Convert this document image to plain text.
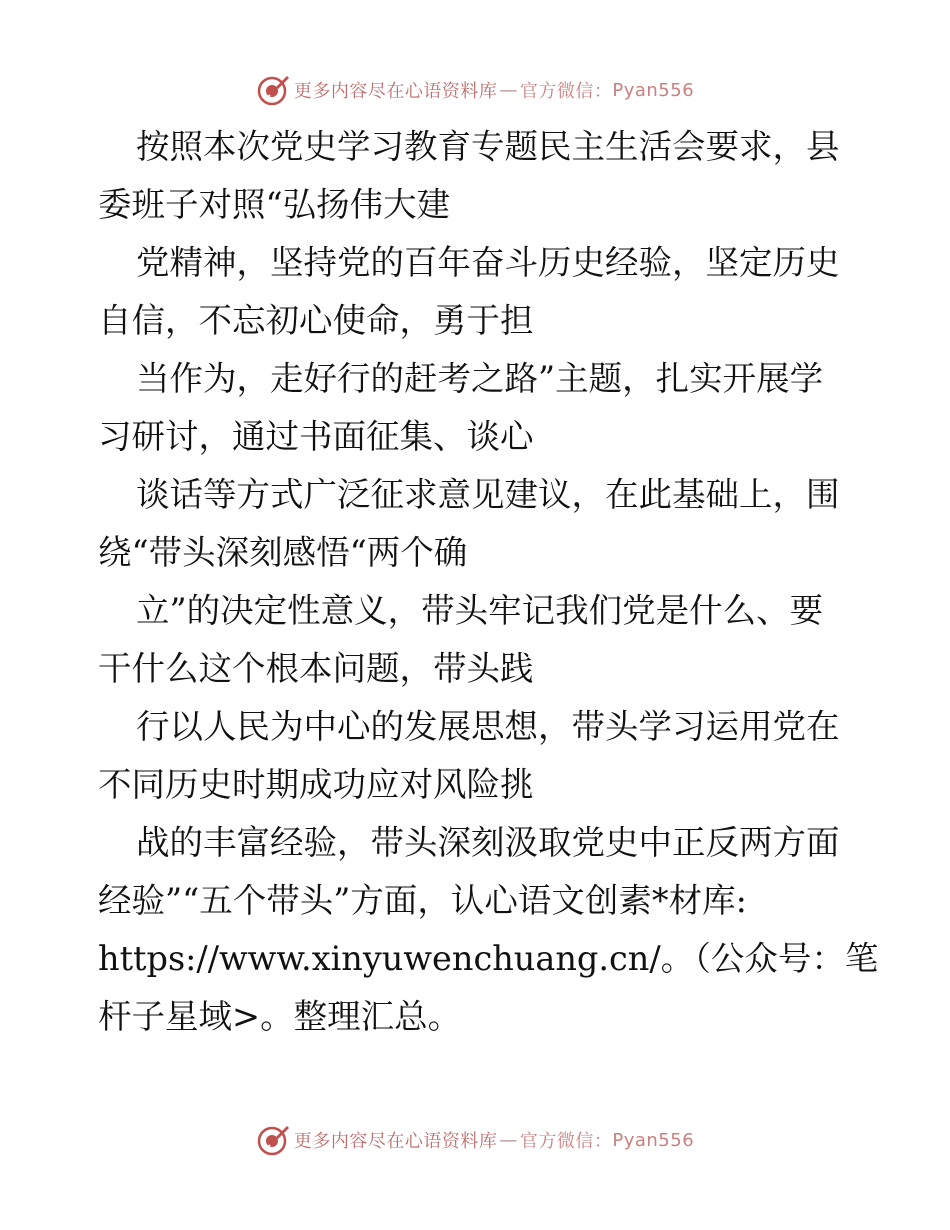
更多内容尽在心语资料库 — 官方微信： Pyan556
按照本次党史学习教育专题民主生活会要求，县
委班子对照“弘扬伟大建
党精神，坚持党的百年奋斗历史经验，坚定历史
自信，不忘初心使命，勇于担
当作为，走好行的赶考之路”主题，扎实开展学
习研讨，通过书面征集、谈心
谈话等方式广泛征求意见建议，在此基础上，围
绕“带头深刻感悟“两个确
立”的决定性意义，带头牢记我们党是什么、要
干什么这个根本问题，带头践
行以人民为中心的发展思想，带头学习运用党在
不同历史时期成功应对风险挑
战的丰富经验，带头深刻汲取党史中正反两方面
经验”“五个带头”方面，认心语文创素*材库:
https://www.xinyuwenchuang.cn/。（公众号：笔
杆子星域>。整理汇总。
更多内容尽在心语资料库 — 官方微信： Pyan556
